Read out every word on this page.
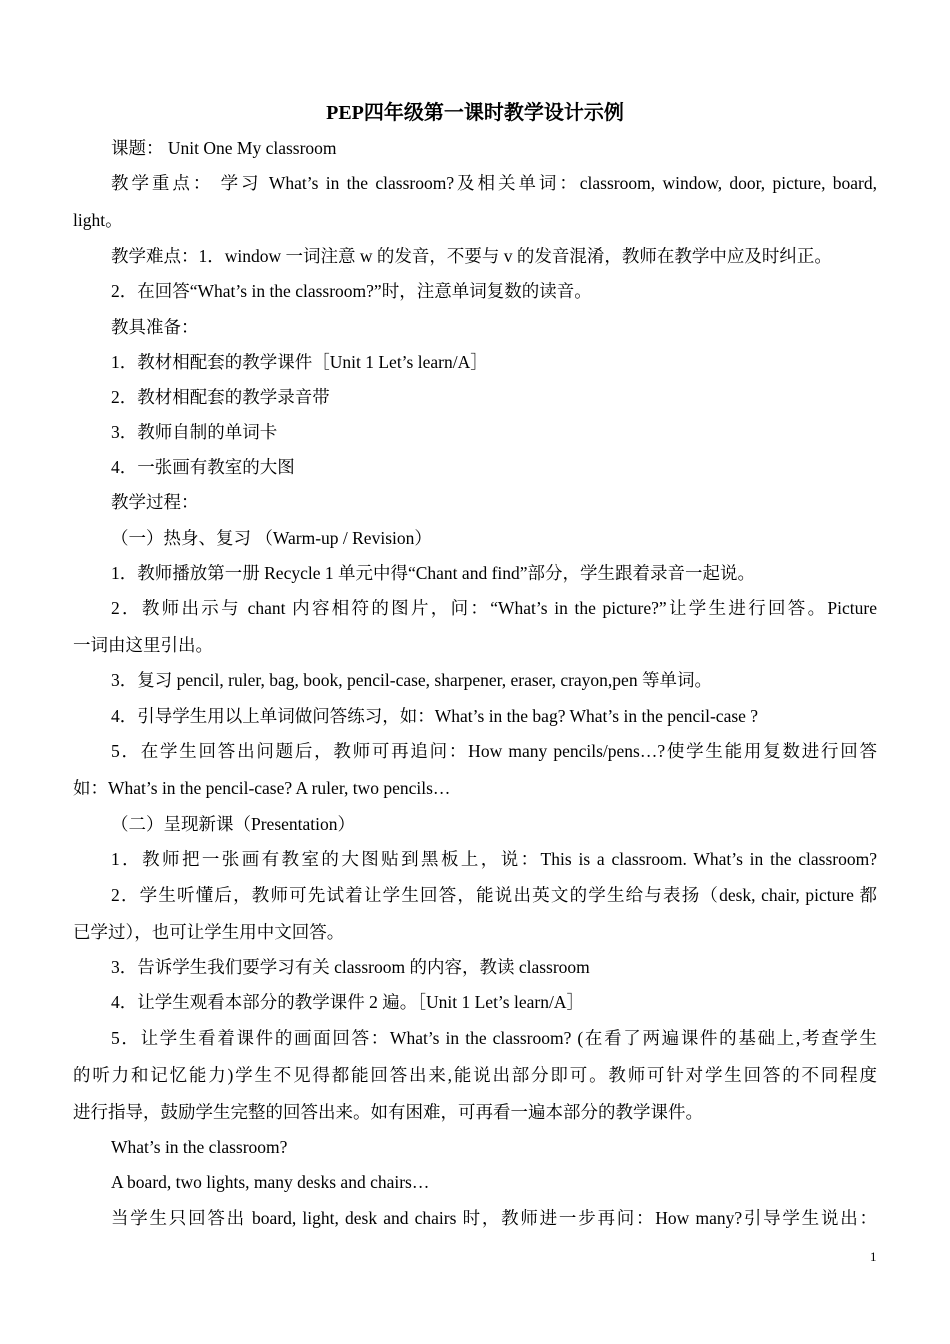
PEP四年级第一课时教学设计示例
课题： Unit One My classroom
教学重点： 学习 What’s in the classroom?及相关单词：classroom, window, door, picture, board,
light。
教学难点：1．window 一词注意 w 的发音，不要与 v 的发音混淆，教师在教学中应及时纠正。
2．在回答“What’s in the classroom?”时，注意单词复数的读音。
教具准备：
1．教材相配套的教学课件［Unit 1 Let’s learn/A］
2．教材相配套的教学录音带
3．教师自制的单词卡
4．一张画有教室的大图
教学过程：
（一）热身、复习 （Warm-up / Revision）
1．教师播放第一册 Recycle 1 单元中得“Chant and find”部分，学生跟着录音一起说。
2．教师出示与 chant 内容相符的图片，问：“What’s in the picture?”让学生进行回答。Picture
一词由这里引出。
3．复习 pencil, ruler, bag, book, pencil-case, sharpener, eraser, crayon,pen 等单词。
4．引导学生用以上单词做问答练习，如：What’s in the bag? What’s in the pencil-case ?
5．在学生回答出问题后，教师可再追问：How many pencils/pens…?使学生能用复数进行回答
如：What’s in the pencil-case? A ruler, two pencils…
（二）呈现新课（Presentation）
1．教师把一张画有教室的大图贴到黑板上，说：This is a classroom. What’s in the classroom?
2．学生听懂后，教师可先试着让学生回答，能说出英文的学生给与表扬（desk, chair, picture 都
已学过），也可让学生用中文回答。
3．告诉学生我们要学习有关 classroom 的内容，教读 classroom
4．让学生观看本部分的教学课件 2 遍。［Unit 1 Let’s learn/A］
5．让学生看着课件的画面回答：What’s in the classroom? (在看了两遍课件的基础上,考查学生
的听力和记忆能力)学生不见得都能回答出来,能说出部分即可。教师可针对学生回答的不同程度
进行指导，鼓励学生完整的回答出来。如有困难，可再看一遍本部分的教学课件。
What’s in the classroom?
A board, two lights, many desks and chairs…
当学生只回答出 board, light, desk and chairs 时，教师进一步再问：How many?引导学生说出：
1
